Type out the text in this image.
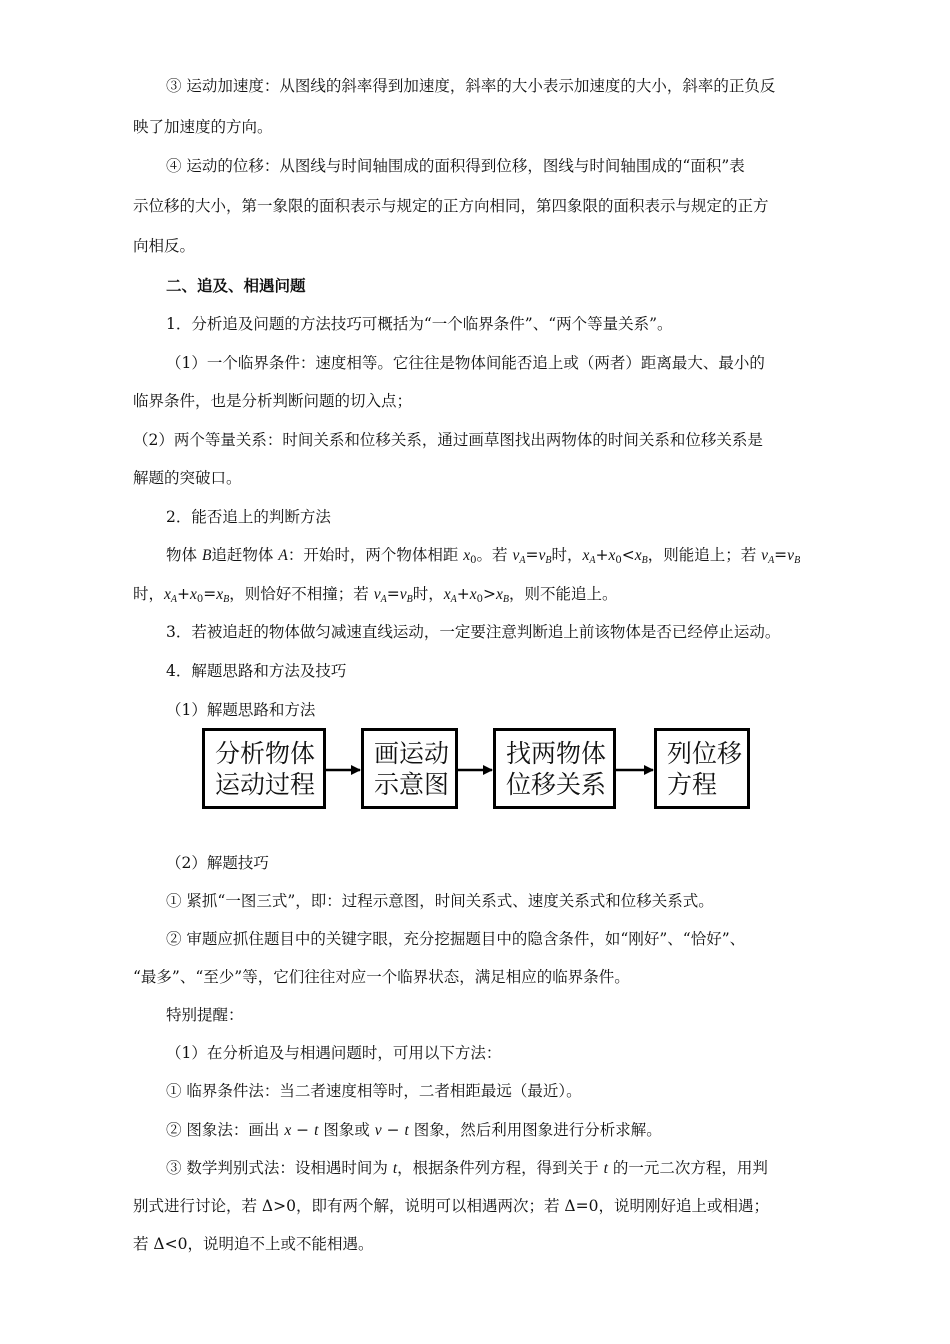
③ 运动加速度：从图线的斜率得到加速度，斜率的大小表示加速度的大小，斜率的正负反
映了加速度的方向。
④ 运动的位移：从图线与时间轴围成的面积得到位移，图线与时间轴围成的“面积”表
示位移的大小，第一象限的面积表示与规定的正方向相同，第四象限的面积表示与规定的正方
向相反。
二、追及、相遇问题
1．分析追及问题的方法技巧可概括为“一个临界条件”、“两个等量关系”。
（1）一个临界条件：速度相等。它往往是物体间能否追上或（两者）距离最大、最小的
临界条件，也是分析判断问题的切入点；
（2）两个等量关系：时间关系和位移关系，通过画草图找出两物体的时间关系和位移关系是
解题的突破口。
2．能否追上的判断方法
物体 B追赶物体 A：开始时，两个物体相距 $x_0$。若 $v_A=v_B$时，$x_A+x_0<x_B$，则能追上；若 $v_A=v_B$
时，$x_A+x_0=x_B$，则恰好不相撞；若 $v_A=v_B$时，$x_A+x_0>x_B$，则不能追上。
3．若被追赶的物体做匀减速直线运动，一定要注意判断追上前该物体是否已经停止运动。
4．解题思路和方法及技巧
（1）解题思路和方法
分析物体
运动过程
画运动
示意图
找两物体
位移关系
列位移
方程
（2）解题技巧
① 紧抓“一图三式”，即：过程示意图，时间关系式、速度关系式和位移关系式。
② 审题应抓住题目中的关键字眼，充分挖掘题目中的隐含条件，如“刚好”、“恰好”、
“最多”、“至少”等，它们往往对应一个临界状态，满足相应的临界条件。
特别提醒：
（1）在分析追及与相遇问题时，可用以下方法：
① 临界条件法：当二者速度相等时，二者相距最远（最近）。
② 图象法：画出 x − t 图象或 v − t 图象，然后利用图象进行分析求解。
③ 数学判别式法：设相遇时间为 t，根据条件列方程，得到关于 t 的一元二次方程，用判
别式进行讨论，若 Δ>0，即有两个解，说明可以相遇两次；若 Δ=0，说明刚好追上或相遇；
若 Δ<0，说明追不上或不能相遇。
